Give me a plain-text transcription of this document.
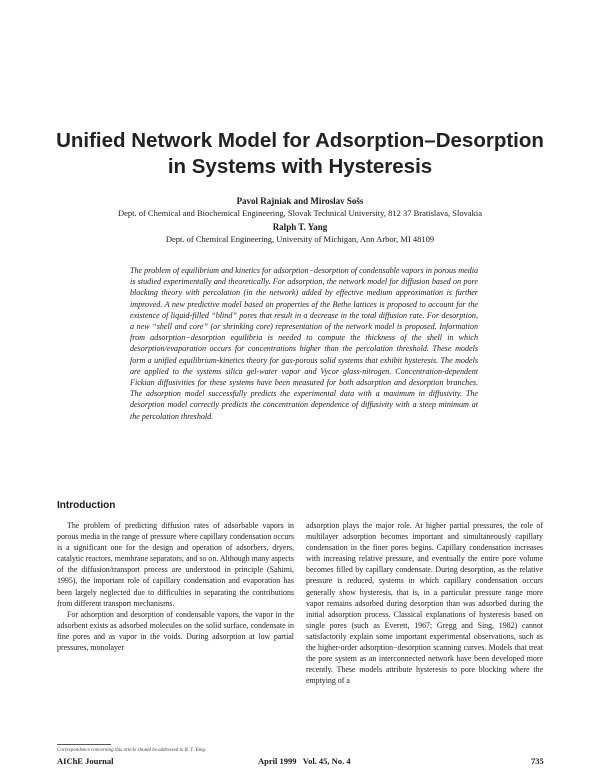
Unified Network Model for Adsorption–Desorption
in Systems with Hysteresis
Pavol Rajniak and Miroslav Sošs
Dept. of Chemical and Biochemical Engineering, Slovak Technical University, 812 37 Bratislava, Slovakia
Ralph T. Yang
Dept. of Chemical Engineering, University of Michigan, Ann Arbor, MI 48109
The problem of equilibrium and kinetics for adsorption−desorption of condensable vapors in porous media is studied experimentally and theoretically. For adsorption, the network model for diffusion based on pore blocking theory with percolation (in the network) added by effective medium approximation is further improved. A new predictive model based on properties of the Bethe lattices is proposed to account for the existence of liquid-filled “blind” pores that result in a decrease in the total diffusion rate. For desorption, a new “shell and core” (or shrinking core) representation of the network model is proposed. Information from adsorption−desorption equilibria is needed to compute the thickness of the shell in which desorption/evaporation occurs for concentrations higher than the percolation threshold. These models form a unified equilibrium-kinetics theory for gas-porous solid systems that exhibit hysteresis. The models are applied to the systems silica gel-water vapor and Vycor glass-nitrogen. Concentration-dependent Fickian diffusivities for these systems have been measured for both adsorption and desorption branches. The adsorption model successfully predicts the experimental data with a maximum in diffusivity. The desorption model correctly predicts the concentration dependence of diffusivity with a steep minimum at the percolation threshold.
Introduction

The problem of predicting diffusion rates of adsorbable vapors in porous media in the range of pressure where capillary condensation occurs is a significant one for the design and operation of adsorbers, dryers, catalytic reactors, membrane separators, and so on. Although many aspects of the diffusion/transport process are understood in principle (Sahimi, 1995), the important role of capillary condensation and evaporation has been largely neglected due to difficulties in separating the contributions from different transport mechanisms.

For adsorption and desorption of condensable vapors, the vapor in the adsorbent exists as adsorbed molecules on the solid surface, condensate in fine pores and as vapor in the voids. During adsorption at low partial pressures, monolayer

adsorption plays the major role. At higher partial pressures, the role of multilayer adsorption becomes important and simultaneously capillary condensation in the finer pores begins. Capillary condensation increases with increasing relative pressure, and eventually the entire pore volume becomes filled by capillary condensate. During desorption, as the relative pressure is reduced, systems in which capillary condensation occurs generally show hysteresis, that is, in a particular pressure range more vapor remains adsorbed during desorption than was adsorbed during the initial adsorption process. Classical explanations of hysteresis based on single pores (such as Everett, 1967; Gregg and Sing, 1982) cannot satisfactorily explain some important experimental observations, such as the higher-order adsorption−desorption scanning curves. Models that treat the pore system as an interconnected network have been developed more recently. These models attribute hysteresis to pore blocking where the emptying of a

Correspondence concerning this article should be addressed to R. T. Yang.
AIChE Journal	April 1999   Vol. 45, No. 4	735
